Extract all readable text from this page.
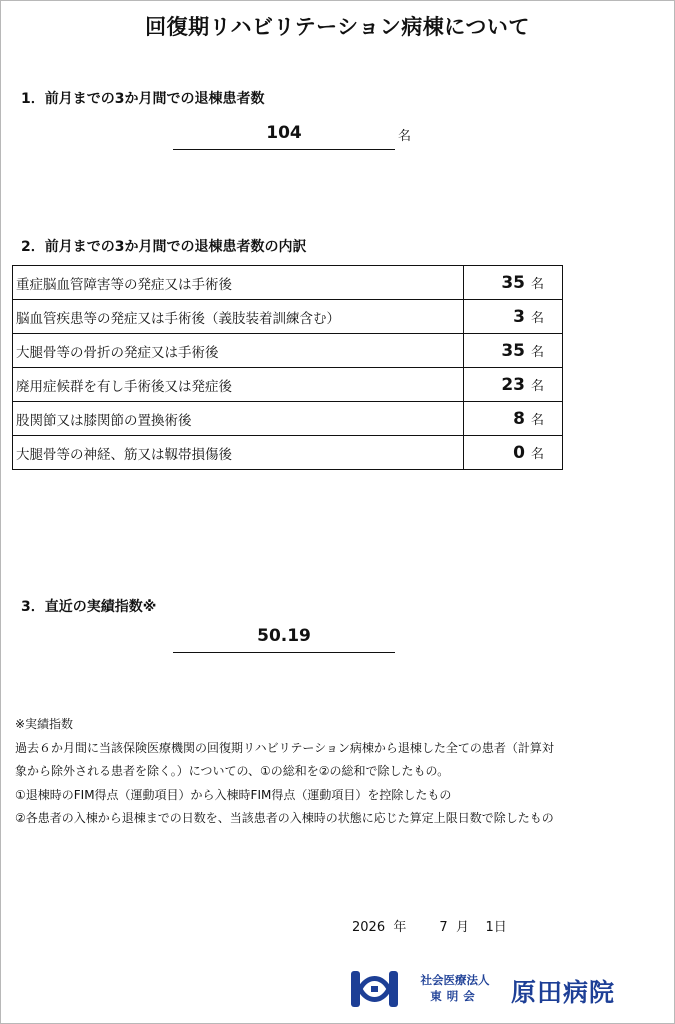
回復期リハビリテーション病棟について
1．前月までの3か月間での退棟患者数
104	名
2．前月までの3か月間での退棟患者数の内訳
重症脳血管障害等の発症又は手術後	35 名
脳血管疾患等の発症又は手術後（義肢装着訓練含む）	3 名
大腿骨等の骨折の発症又は手術後	35 名
廃用症候群を有し手術後又は発症後	23 名
股関節又は膝関節の置換術後	8 名
大腿骨等の神経、筋又は靱帯損傷後	0 名
3．直近の実績指数※
50.19
※実績指数
過去６か月間に当該保険医療機関の回復期リハビリテーション病棟から退棟した全ての患者（計算対
象から除外される患者を除く。）についての、①の総和を②の総和で除したもの。
①退棟時のFIM得点（運動項目）から入棟時FIM得点（運動項目）を控除したもの
②各患者の入棟から退棟までの日数を、当該患者の入棟時の状態に応じた算定上限日数で除したもの
2026  年        7  月    1日
社会医療法人
東明会	原田病院
